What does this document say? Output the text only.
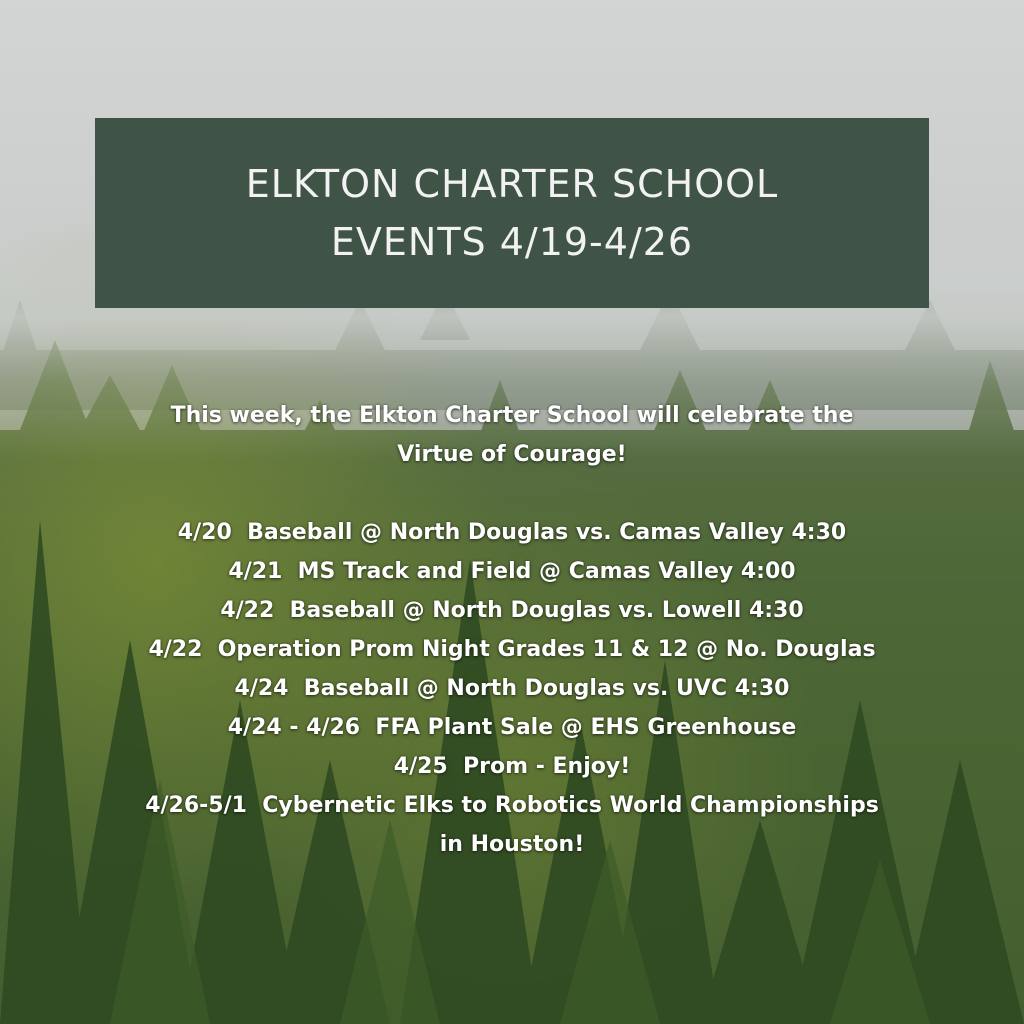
ELKTON CHARTER SCHOOL
EVENTS 4/19-4/26

This week, the Elkton Charter School will celebrate the

Virtue of Courage!

4/20  Baseball @ North Douglas vs. Camas Valley 4:30

4/21  MS Track and Field @ Camas Valley 4:00

4/22  Baseball @ North Douglas vs. Lowell 4:30

4/22  Operation Prom Night Grades 11 & 12 @ No. Douglas

4/24  Baseball @ North Douglas vs. UVC 4:30

4/24 - 4/26  FFA Plant Sale @ EHS Greenhouse

4/25  Prom - Enjoy!

4/26-5/1  Cybernetic Elks to Robotics World Championships

in Houston!
